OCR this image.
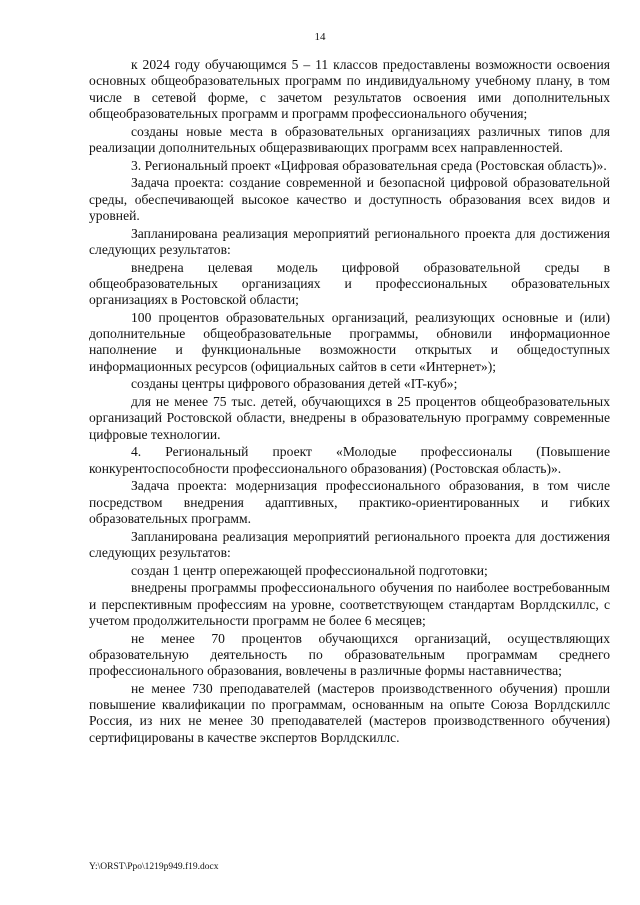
14

к 2024 году обучающимся 5 – 11 классов предоставлены возможности освоения основных общеобразовательных программ по индивидуальному учебному плану, в том числе в сетевой форме, с зачетом результатов освоения ими дополнительных общеобразовательных программ и программ профессионального обучения;

созданы новые места в образовательных организациях различных типов для реализации дополнительных общеразвивающих программ всех направленностей.

3. Региональный проект «Цифровая образовательная среда (Ростовская область)».

Задача проекта: создание современной и безопасной цифровой образовательной среды, обеспечивающей высокое качество и доступность образования всех видов и уровней.

Запланирована реализация мероприятий регионального проекта для достижения следующих результатов:

внедрена целевая модель цифровой образовательной среды в общеобразовательных организациях и профессиональных образовательных организациях в Ростовской области;

100 процентов образовательных организаций, реализующих основные и (или) дополнительные общеобразовательные программы, обновили информационное наполнение и функциональные возможности открытых и общедоступных информационных ресурсов (официальных сайтов в сети «Интернет»);

созданы центры цифрового образования детей «IT-куб»;

для не менее 75 тыс. детей, обучающихся в 25 процентов общеобразовательных организаций Ростовской области, внедрены в образовательную программу современные цифровые технологии.

4. Региональный проект «Молодые профессионалы (Повышение конкурентоспособности профессионального образования) (Ростовская область)».

Задача проекта: модернизация профессионального образования, в том числе посредством внедрения адаптивных, практико-ориентированных и гибких образовательных программ.

Запланирована реализация мероприятий регионального проекта для достижения следующих результатов:

создан 1 центр опережающей профессиональной подготовки;

внедрены программы профессионального обучения по наиболее востребованным и перспективным профессиям на уровне, соответствующем стандартам Ворлдскиллс, с учетом продолжительности программ не более 6 месяцев;

не менее 70 процентов обучающихся организаций, осуществляющих образовательную деятельность по образовательным программам среднего профессионального образования, вовлечены в различные формы наставничества;

не менее 730 преподавателей (мастеров производственного обучения) прошли повышение квалификации по программам, основанным на опыте Союза Ворлдскиллс Россия, из них не менее 30 преподавателей (мастеров производственного обучения) сертифицированы в качестве экспертов Ворлдскиллс.

Y:\ORST\Ppo\1219p949.f19.docx
